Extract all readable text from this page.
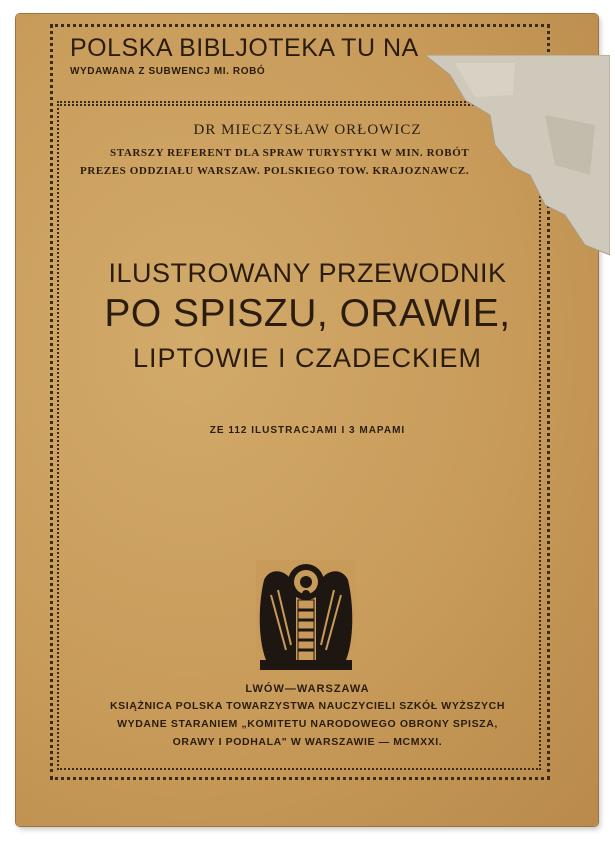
POLSKA BIBLJOTEKA TU NA
WYDAWANA Z SUBWENCJ MI. ROBÓ
DR MIECZYSŁAW ORŁOWICZ
STARSZY REFERENT DLA SPRAW TURYSTYKI W MIN. ROBÓT
PREZES ODDZIAŁU WARSZAW. POLSKIEGO TOW. KRAJOZNAWCZ.
ILUSTROWANY PRZEWODNIK
PO SPISZU, ORAWIE,
LIPTOWIE I CZADECKIEM
ZE 112 ILUSTRACJAMI I 3 MAPAMI
LWÓW—WARSZAWA
KSIĄŻNICA POLSKA TOWARZYSTWA NAUCZYCIELI SZKÓŁ WYŻSZYCH
WYDANE STARANIEM „KOMITETU NARODOWEGO OBRONY SPISZA,
ORAWY I PODHALA" W WARSZAWIE — MCMXXI.
